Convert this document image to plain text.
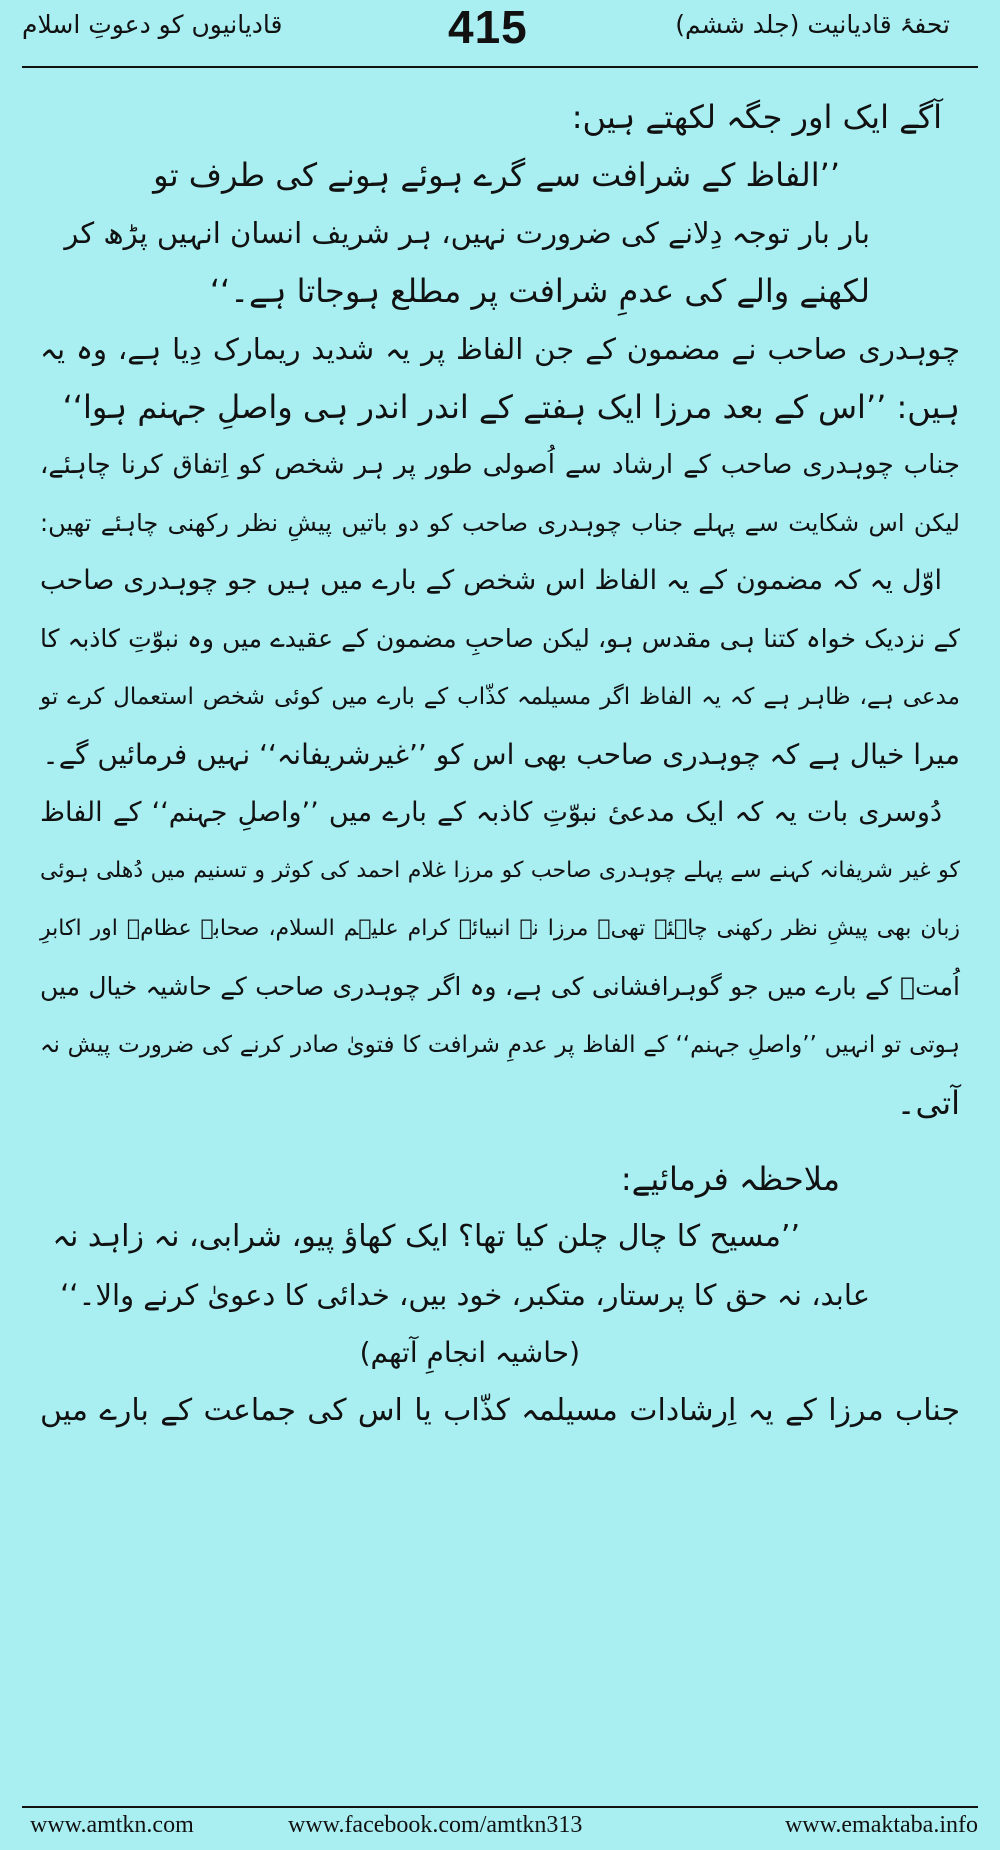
تحفۂ قادیانیت (جلد ششم)
415
قادیانیوں کو دعوتِ اسلام
آگے ایک اور جگہ لکھتے ہیں:
’’الفاظ کے شرافت سے گرے ہوئے ہونے کی طرف تو
بار بار توجہ دِلانے کی ضرورت نہیں، ہر شریف انسان انہیں پڑھ کر
لکھنے والے کی عدمِ شرافت پر مطلع ہوجاتا ہے۔‘‘
چوہدری صاحب نے مضمون کے جن الفاظ پر یہ شدید ریمارک دِیا ہے، وہ یہ
ہیں: ’’اس کے بعد مرزا ایک ہفتے کے اندر اندر ہی واصلِ جہنم ہوا‘‘
جناب چوہدری صاحب کے ارشاد سے اُصولی طور پر ہر شخص کو اِتفاق کرنا چاہئے،
لیکن اس شکایت سے پہلے جناب چوہدری صاحب کو دو باتیں پیشِ نظر رکھنی چاہئے تھیں:
اوّل یہ کہ مضمون کے یہ الفاظ اس شخص کے بارے میں ہیں جو چوہدری صاحب
کے نزدیک خواہ کتنا ہی مقدس ہو، لیکن صاحبِ مضمون کے عقیدے میں وہ نبوّتِ کاذبہ کا
مدعی ہے، ظاہر ہے کہ یہ الفاظ اگر مسیلمہ کذّاب کے بارے میں کوئی شخص استعمال کرے تو
میرا خیال ہے کہ چوہدری صاحب بھی اس کو ’’غیرشریفانہ‘‘ نہیں فرمائیں گے۔
دُوسری بات یہ کہ ایک مدعیٔ نبوّتِ کاذبہ کے بارے میں ’’واصلِ جہنم‘‘ کے الفاظ
کو غیر شریفانہ کہنے سے پہلے چوہدری صاحب کو مرزا غلام احمد کی کوثر و تسنیم میں دُھلی ہوئی
زبان بھی پیشِ نظر رکھنی چاہئے تھی۔ مرزا نے انبیائے کرام علیہم السلام، صحابہ عظامؓ اور اکابرِ
اُمتؒ کے بارے میں جو گوہرافشانی کی ہے، وہ اگر چوہدری صاحب کے حاشیہ خیال میں
ہوتی تو انہیں ’’واصلِ جہنم‘‘ کے الفاظ پر عدمِ شرافت کا فتویٰ صادر کرنے کی ضرورت پیش نہ
آتی۔
ملاحظہ فرمائیے:
’’مسیح کا چال چلن کیا تھا؟ ایک کھاؤ پیو، شرابی، نہ زاہد نہ
عابد، نہ حق کا پرستار، متکبر، خود بیں، خدائی کا دعویٰ کرنے والا۔‘‘
(حاشیہ انجامِ آتھم)
جناب مرزا کے یہ اِرشادات مسیلمہ کذّاب یا اس کی جماعت کے بارے میں
www.amtkn.com	www.facebook.com/amtkn313	www.emaktaba.info
